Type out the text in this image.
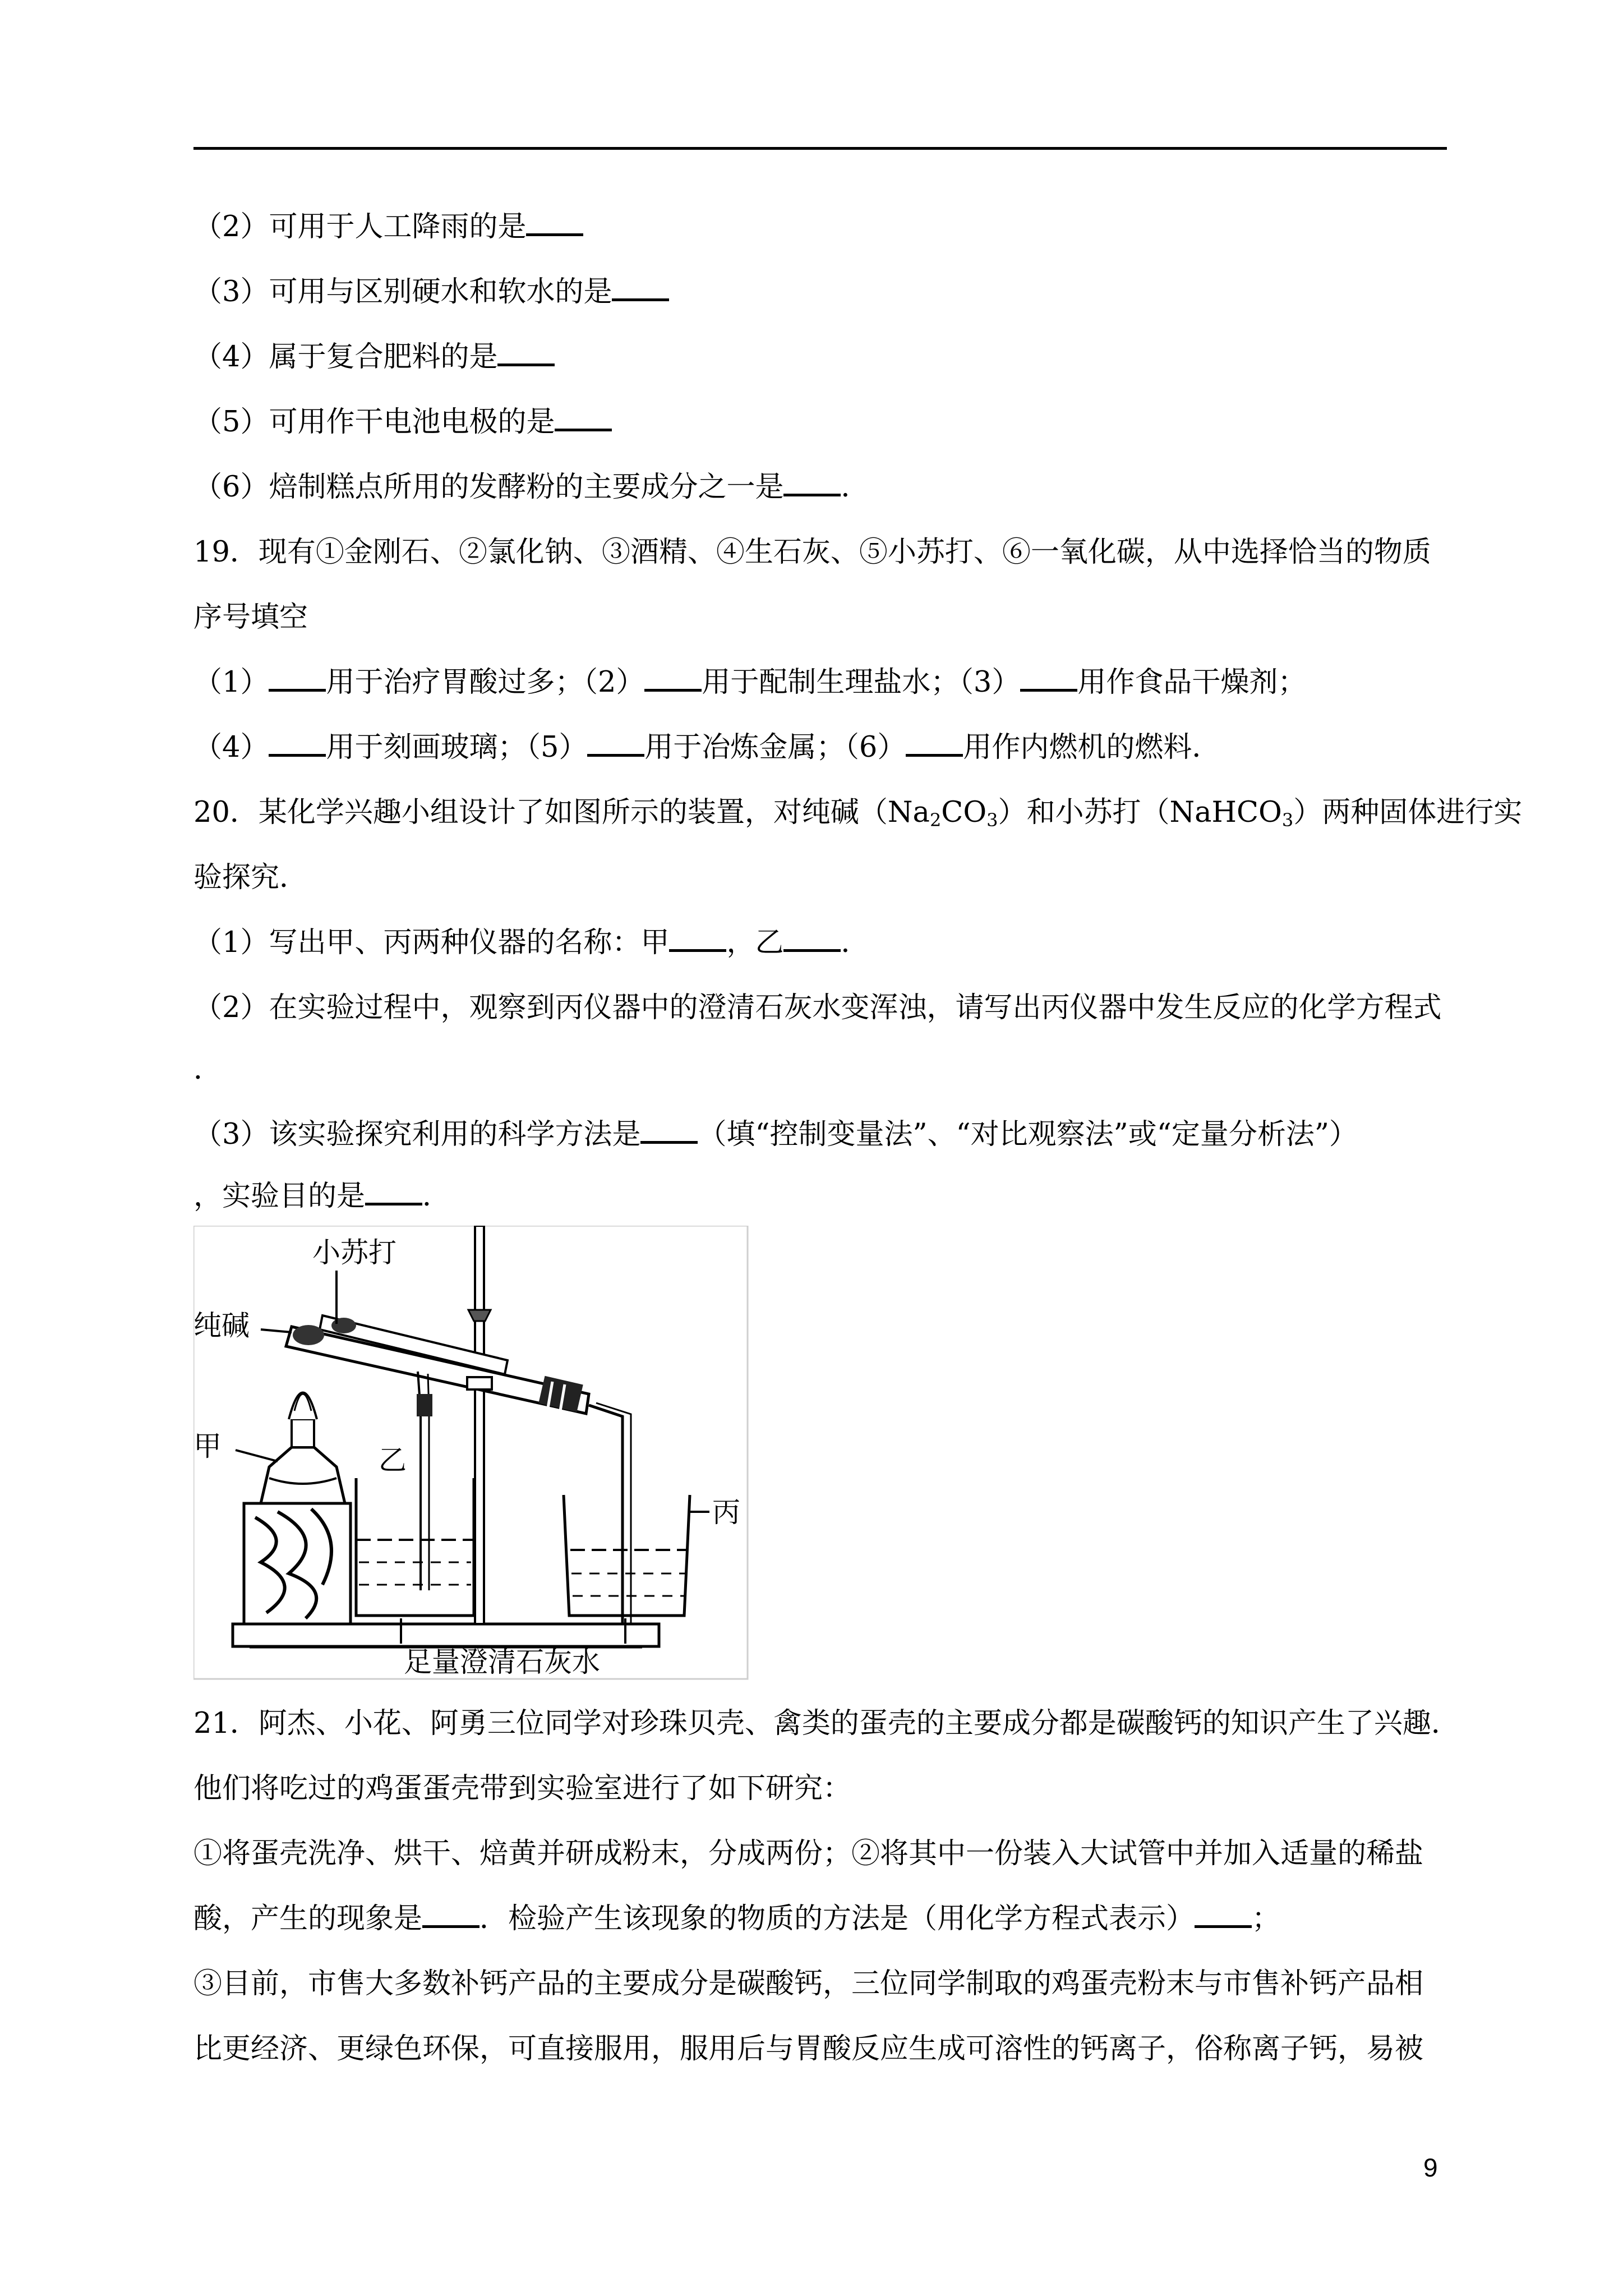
（2）可用于人工降雨的是
（3）可用与区别硬水和软水的是
（4）属于复合肥料的是
（5）可用作干电池电极的是
（6）焙制糕点所用的发酵粉的主要成分之一是 ．
19．现有①金刚石、②氯化钠、③酒精、④生石灰、⑤小苏打、⑥一氧化碳，从中选择恰当的物质
序号填空
（1） 用于治疗胃酸过多；（2） 用于配制生理盐水；（3） 用作食品干燥剂；
（4） 用于刻画玻璃；（5） 用于冶炼金属；（6） 用作内燃机的燃料．
20．某化学兴趣小组设计了如图所示的装置，对纯碱$(Na_2CO_3)$和小苏打（NaHCO$_3$）两种固体进行实
验探究．
（1）写出甲、丙两种仪器的名称：甲 ，乙 ．
（2）在实验过程中，观察到丙仪器中的澄清石灰水变浑浊，请写出丙仪器中发生反应的化学方程式
．
（3）该实验探究利用的科学方法是 （填“控制变量法”、“对比观察法”或“定量分析法”）
，实验目的是 ．
小苏打
纯碱
甲	乙
丙
足量澄清石灰水
21．阿杰、小花、阿勇三位同学对珍珠贝壳、禽类的蛋壳的主要成分都是碳酸钙的知识产生了兴趣．
他们将吃过的鸡蛋蛋壳带到实验室进行了如下研究：
①将蛋壳洗净、烘干、焙黄并研成粉末，分成两份；②将其中一份装入大试管中并加入适量的稀盐
酸，产生的现象是 ．检验产生该现象的物质的方法是（用化学方程式表示） ；
③目前，市售大多数补钙产品的主要成分是碳酸钙，三位同学制取的鸡蛋壳粉末与市售补钙产品相
比更经济、更绿色环保，可直接服用，服用后与胃酸反应生成可溶性的钙离子，俗称离子钙，易被
9
